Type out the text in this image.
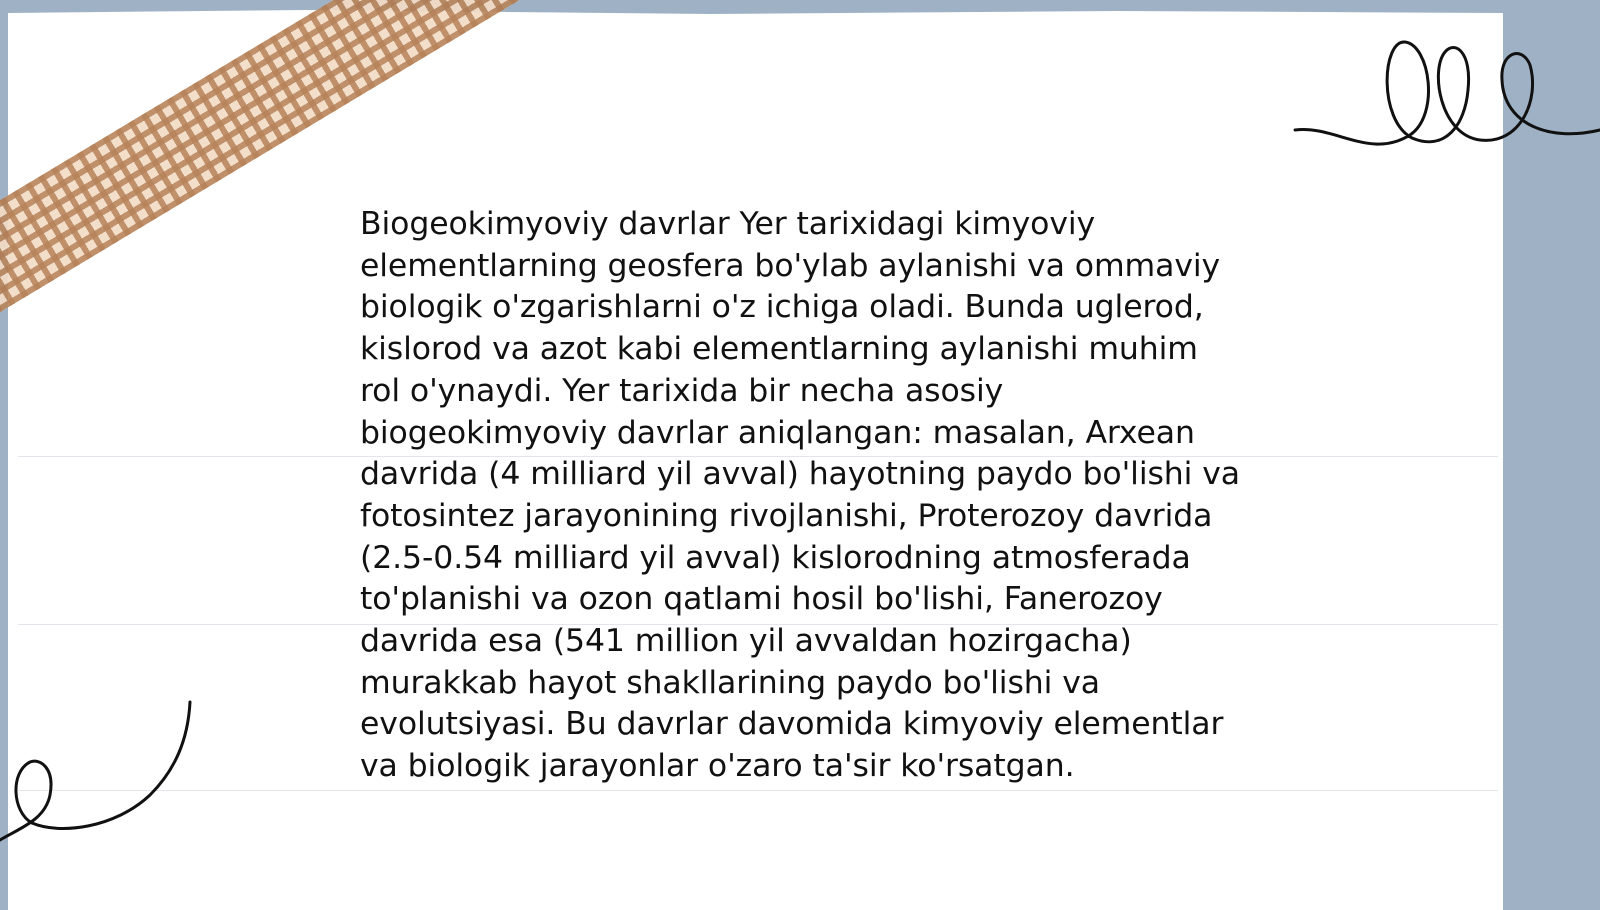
Biogeokimyoviy davrlar Yer tarixidagi kimyoviy elementlarning geosfera bo'ylab aylanishi va ommaviy biologik o'zgarishlarni o'z ichiga oladi. Bunda uglerod, kislorod va azot kabi elementlarning aylanishi muhim rol o'ynaydi. Yer tarixida bir necha asosiy biogeokimyoviy davrlar aniqlangan: masalan, Arxean davrida (4 milliard yil avval) hayotning paydo bo'lishi va fotosintez jarayonining rivojlanishi, Proterozoy davrida (2.5-0.54 milliard yil avval) kislorodning atmosferada to'planishi va ozon qatlami hosil bo'lishi, Fanerozoy davrida esa (541 million yil avvaldan hozirgacha) murakkab hayot shakllarining paydo bo'lishi va evolutsiyasi. Bu davrlar davomida kimyoviy elementlar va biologik jarayonlar o'zaro ta'sir ko'rsatgan.
